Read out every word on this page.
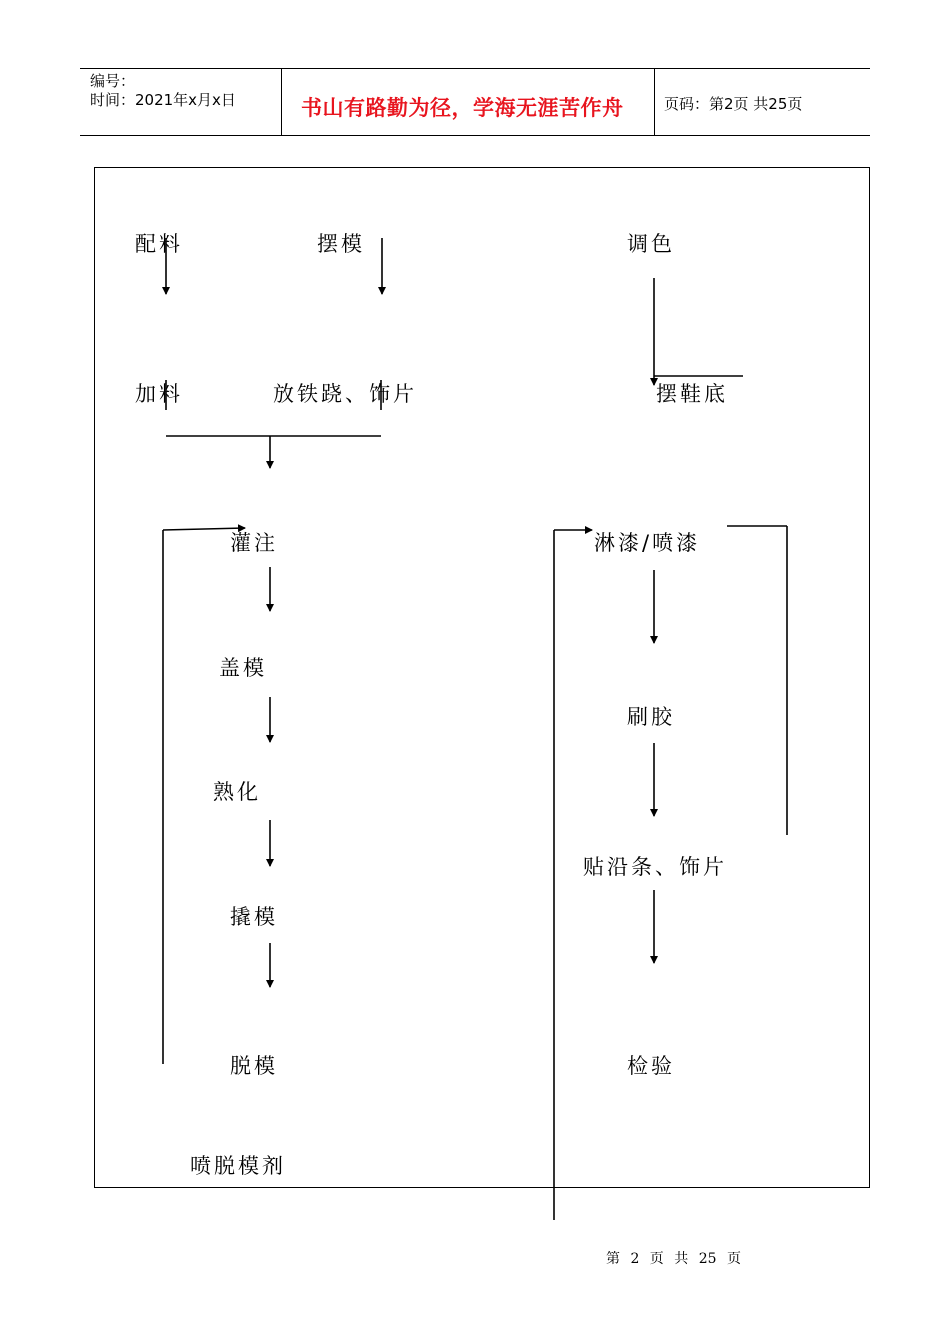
编号：
时间：2021年x月x日	书山有路勤为径，学海无涯苦作舟	页码：第2页 共25页
配料	摆模
加料	放铁跷、饰片
灌注
盖模
熟化
撬模
脱模
喷脱模剂
调色
摆鞋底
淋漆/喷漆
刷胶
贴沿条、饰片
检验
第 2 页 共 25 页
